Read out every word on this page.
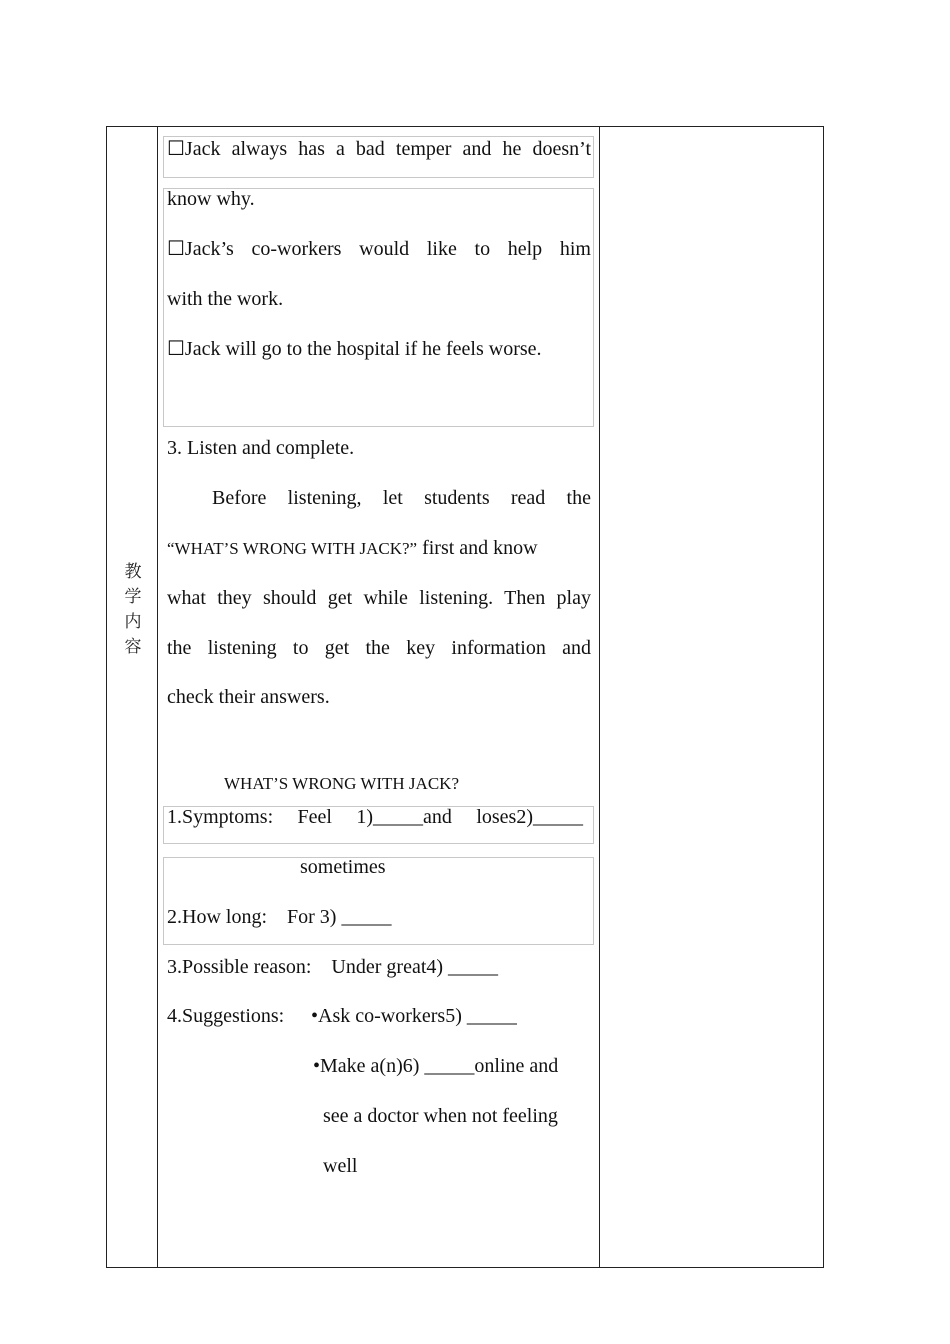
教
学
内
容
☐Jack always has a bad temper and he doesn’t
know why.
☐Jack’s co-workers would like to help him
with the work.
☐Jack will go to the hospital if he feels worse.
3. Listen and complete.
Before listening, let students read the
“WHAT’S WRONG WITH JACK?” first and know
what they should get while listening. Then play
the listening to get the key information and
check their answers.
WHAT’S WRONG WITH JACK?
1.Symptoms: Feel 1)_____and loses2)_____
sometimes
2.How long:    For 3) _____
3.Possible reason:    Under great4) _____
4.Suggestions: •Ask co-workers5) _____
•Make a(n)6) _____online and
see a doctor when not feeling
well
